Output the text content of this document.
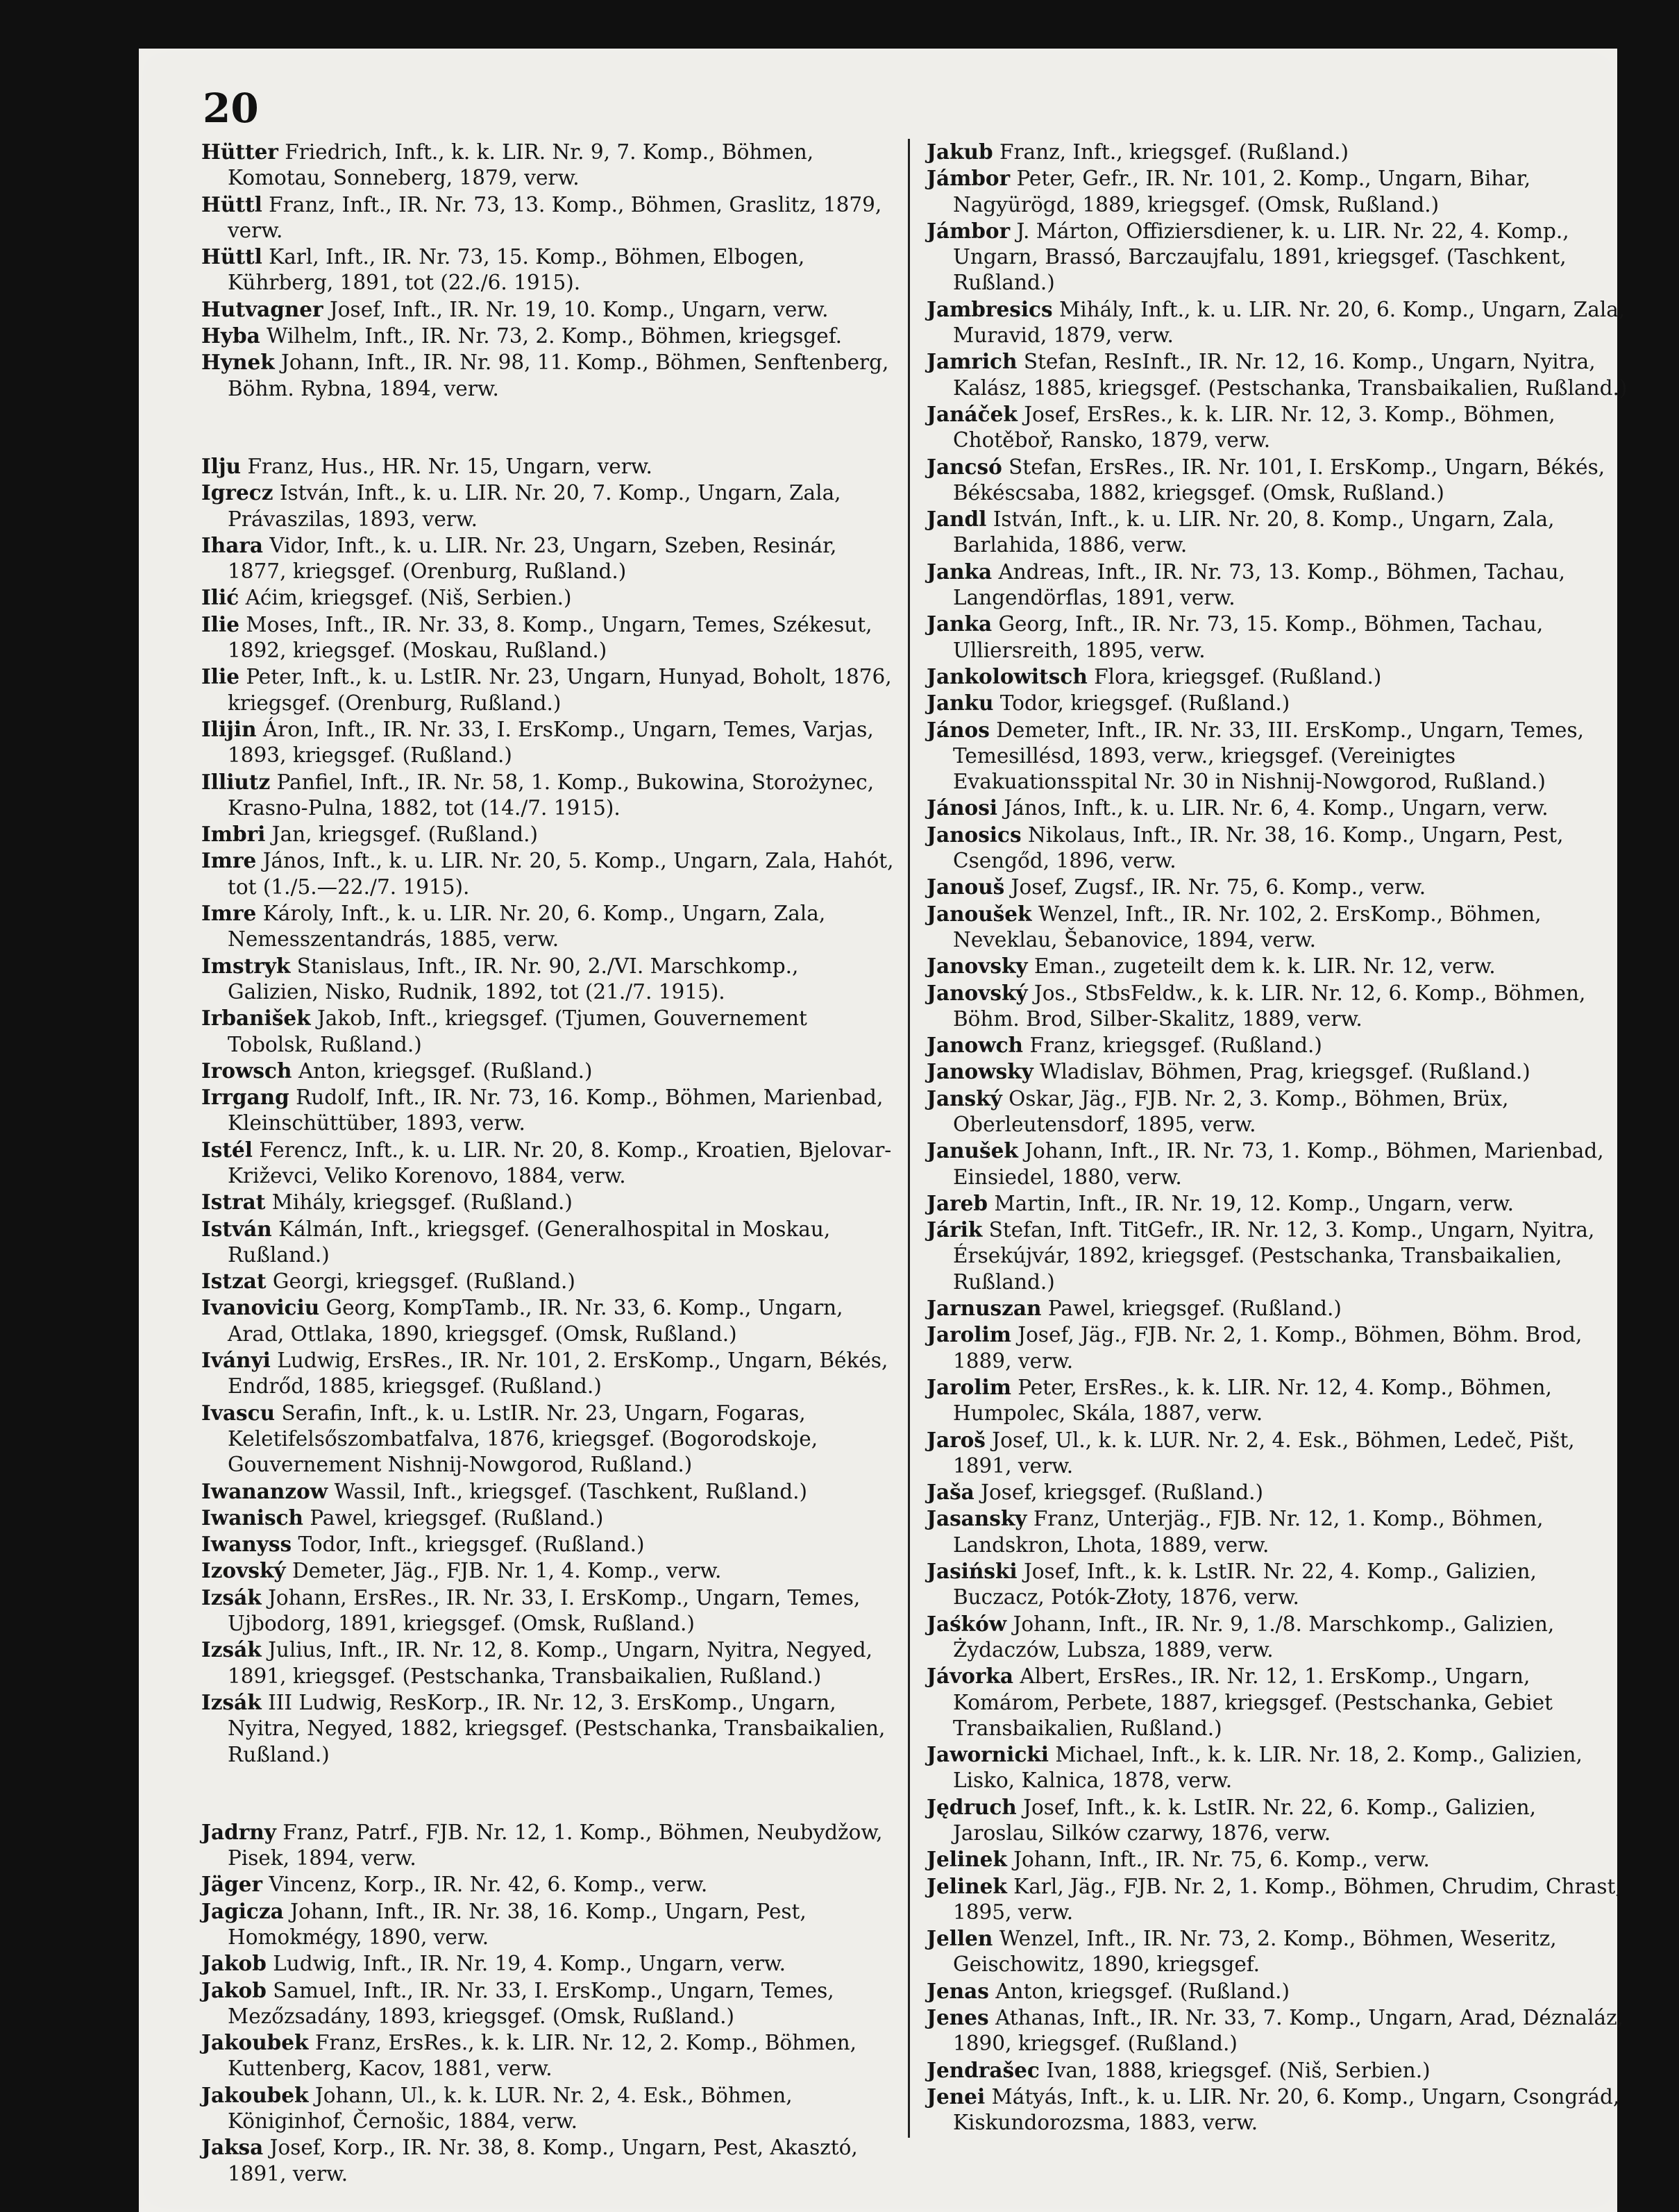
20

Hütter Friedrich, Inft., k. k. LIR. Nr. 9, 7. Komp., Böhmen, Komotau, Sonneberg, 1879, verw.

Hüttl Franz, Inft., IR. Nr. 73, 13. Komp., Böhmen, Graslitz, 1879, verw.

Hüttl Karl, Inft., IR. Nr. 73, 15. Komp., Böhmen, Elbogen, Kührberg, 1891, tot (22./6. 1915).

Hutvagner Josef, Inft., IR. Nr. 19, 10. Komp., Ungarn, verw.

Hyba Wilhelm, Inft., IR. Nr. 73, 2. Komp., Böhmen, kriegsgef.

Hynek Johann, Inft., IR. Nr. 98, 11. Komp., Böhmen, Senftenberg, Böhm. Rybna, 1894, verw.

Ilju Franz, Hus., HR. Nr. 15, Ungarn, verw.

Igrecz István, Inft., k. u. LIR. Nr. 20, 7. Komp., Ungarn, Zala, Právaszilas, 1893, verw.

Ihara Vidor, Inft., k. u. LIR. Nr. 23, Ungarn, Szeben, Resinár, 1877, kriegsgef. (Orenburg, Rußland.)

Ilić Aćim, kriegsgef. (Niš, Serbien.)

Ilie Moses, Inft., IR. Nr. 33, 8. Komp., Ungarn, Temes, Székesut, 1892, kriegsgef. (Moskau, Rußland.)

Ilie Peter, Inft., k. u. LstIR. Nr. 23, Ungarn, Hunyad, Boholt, 1876, kriegsgef. (Orenburg, Rußland.)

Ilijin Áron, Inft., IR. Nr. 33, I. ErsKomp., Ungarn, Temes, Varjas, 1893, kriegsgef. (Rußland.)

Illiutz Panfiel, Inft., IR. Nr. 58, 1. Komp., Bukowina, Storożynec, Krasno-Pulna, 1882, tot (14./7. 1915).

Imbri Jan, kriegsgef. (Rußland.)

Imre János, Inft., k. u. LIR. Nr. 20, 5. Komp., Ungarn, Zala, Hahót, tot (1./5.—22./7. 1915).

Imre Károly, Inft., k. u. LIR. Nr. 20, 6. Komp., Ungarn, Zala, Nemesszentandrás, 1885, verw.

Imstryk Stanislaus, Inft., IR. Nr. 90, 2./VI. Marschkomp., Galizien, Nisko, Rudnik, 1892, tot (21./7. 1915).

Irbanišek Jakob, Inft., kriegsgef. (Tjumen, Gouvernement Tobolsk, Rußland.)

Irowsch Anton, kriegsgef. (Rußland.)

Irrgang Rudolf, Inft., IR. Nr. 73, 16. Komp., Böhmen, Marienbad, Kleinschüttüber, 1893, verw.

Istél Ferencz, Inft., k. u. LIR. Nr. 20, 8. Komp., Kroatien, Bjelovar-Križevci, Veliko Korenovo, 1884, verw.

Istrat Mihály, kriegsgef. (Rußland.)

István Kálmán, Inft., kriegsgef. (Generalhospital in Moskau, Rußland.)

Istzat Georgi, kriegsgef. (Rußland.)

Ivanoviciu Georg, KompTamb., IR. Nr. 33, 6. Komp., Ungarn, Arad, Ottlaka, 1890, kriegsgef. (Omsk, Rußland.)

Iványi Ludwig, ErsRes., IR. Nr. 101, 2. ErsKomp., Ungarn, Békés, Endrőd, 1885, kriegsgef. (Rußland.)

Ivascu Serafin, Inft., k. u. LstIR. Nr. 23, Ungarn, Fogaras, Keletifelsőszombatfalva, 1876, kriegsgef. (Bogorodskoje, Gouvernement Nishnij-Nowgorod, Rußland.)

Iwananzow Wassil, Inft., kriegsgef. (Taschkent, Rußland.)

Iwanisch Pawel, kriegsgef. (Rußland.)

Iwanyss Todor, Inft., kriegsgef. (Rußland.)

Izovský Demeter, Jäg., FJB. Nr. 1, 4. Komp., verw.

Izsák Johann, ErsRes., IR. Nr. 33, I. ErsKomp., Ungarn, Temes, Ujbodorg, 1891, kriegsgef. (Omsk, Rußland.)

Izsák Julius, Inft., IR. Nr. 12, 8. Komp., Ungarn, Nyitra, Negyed, 1891, kriegsgef. (Pestschanka, Transbaikalien, Rußland.)

Izsák III Ludwig, ResKorp., IR. Nr. 12, 3. ErsKomp., Ungarn, Nyitra, Negyed, 1882, kriegsgef. (Pestschanka, Transbaikalien, Rußland.)

Jadrny Franz, Patrf., FJB. Nr. 12, 1. Komp., Böhmen, Neubydžow, Pisek, 1894, verw.

Jäger Vincenz, Korp., IR. Nr. 42, 6. Komp., verw.

Jagicza Johann, Inft., IR. Nr. 38, 16. Komp., Ungarn, Pest, Homokmégy, 1890, verw.

Jakob Ludwig, Inft., IR. Nr. 19, 4. Komp., Ungarn, verw.

Jakob Samuel, Inft., IR. Nr. 33, I. ErsKomp., Ungarn, Temes, Mezőzsadány, 1893, kriegsgef. (Omsk, Rußland.)

Jakoubek Franz, ErsRes., k. k. LIR. Nr. 12, 2. Komp., Böhmen, Kuttenberg, Kacov, 1881, verw.

Jakoubek Johann, Ul., k. k. LUR. Nr. 2, 4. Esk., Böhmen, Königinhof, Černošic, 1884, verw.

Jaksa Josef, Korp., IR. Nr. 38, 8. Komp., Ungarn, Pest, Akasztó, 1891, verw.

Jakub Franz, Inft., kriegsgef. (Rußland.)

Jámbor Peter, Gefr., IR. Nr. 101, 2. Komp., Ungarn, Bihar, Nagyürögd, 1889, kriegsgef. (Omsk, Rußland.)

Jámbor J. Márton, Offiziersdiener, k. u. LIR. Nr. 22, 4. Komp., Ungarn, Brassó, Barczaujfalu, 1891, kriegsgef. (Taschkent, Rußland.)

Jambresics Mihály, Inft., k. u. LIR. Nr. 20, 6. Komp., Ungarn, Zala, Muravid, 1879, verw.

Jamrich Stefan, ResInft., IR. Nr. 12, 16. Komp., Ungarn, Nyitra, Kalász, 1885, kriegsgef. (Pestschanka, Transbaikalien, Rußland.)

Janáček Josef, ErsRes., k. k. LIR. Nr. 12, 3. Komp., Böhmen, Chotěboř, Ransko, 1879, verw.

Jancsó Stefan, ErsRes., IR. Nr. 101, I. ErsKomp., Ungarn, Békés, Békéscsaba, 1882, kriegsgef. (Omsk, Rußland.)

Jandl István, Inft., k. u. LIR. Nr. 20, 8. Komp., Ungarn, Zala, Barlahida, 1886, verw.

Janka Andreas, Inft., IR. Nr. 73, 13. Komp., Böhmen, Tachau, Langendörflas, 1891, verw.

Janka Georg, Inft., IR. Nr. 73, 15. Komp., Böhmen, Tachau, Ulliersreith, 1895, verw.

Jankolowitsch Flora, kriegsgef. (Rußland.)

Janku Todor, kriegsgef. (Rußland.)

János Demeter, Inft., IR. Nr. 33, III. ErsKomp., Ungarn, Temes, Temesillésd, 1893, verw., kriegsgef. (Vereinigtes Evakuationsspital Nr. 30 in Nishnij-Nowgorod, Rußland.)

Jánosi János, Inft., k. u. LIR. Nr. 6, 4. Komp., Ungarn, verw.

Janosics Nikolaus, Inft., IR. Nr. 38, 16. Komp., Ungarn, Pest, Csengőd, 1896, verw.

Janouš Josef, Zugsf., IR. Nr. 75, 6. Komp., verw.

Janoušek Wenzel, Inft., IR. Nr. 102, 2. ErsKomp., Böhmen, Neveklau, Šebanovice, 1894, verw.

Janovsky Eman., zugeteilt dem k. k. LIR. Nr. 12, verw.

Janovský Jos., StbsFeldw., k. k. LIR. Nr. 12, 6. Komp., Böhmen, Böhm. Brod, Silber-Skalitz, 1889, verw.

Janowch Franz, kriegsgef. (Rußland.)

Janowsky Wladislav, Böhmen, Prag, kriegsgef. (Rußland.)

Janský Oskar, Jäg., FJB. Nr. 2, 3. Komp., Böhmen, Brüx, Oberleutensdorf, 1895, verw.

Janušek Johann, Inft., IR. Nr. 73, 1. Komp., Böhmen, Marienbad, Einsiedel, 1880, verw.

Jareb Martin, Inft., IR. Nr. 19, 12. Komp., Ungarn, verw.

Járik Stefan, Inft. TitGefr., IR. Nr. 12, 3. Komp., Ungarn, Nyitra, Érsekújvár, 1892, kriegsgef. (Pestschanka, Transbaikalien, Rußland.)

Jarnuszan Pawel, kriegsgef. (Rußland.)

Jarolim Josef, Jäg., FJB. Nr. 2, 1. Komp., Böhmen, Böhm. Brod, 1889, verw.

Jarolim Peter, ErsRes., k. k. LIR. Nr. 12, 4. Komp., Böhmen, Humpolec, Skála, 1887, verw.

Jaroš Josef, Ul., k. k. LUR. Nr. 2, 4. Esk., Böhmen, Ledeč, Pišt, 1891, verw.

Jaša Josef, kriegsgef. (Rußland.)

Jasansky Franz, Unterjäg., FJB. Nr. 12, 1. Komp., Böhmen, Landskron, Lhota, 1889, verw.

Jasiński Josef, Inft., k. k. LstIR. Nr. 22, 4. Komp., Galizien, Buczacz, Potók-Złoty, 1876, verw.

Jaśków Johann, Inft., IR. Nr. 9, 1./8. Marschkomp., Galizien, Żydaczów, Lubsza, 1889, verw.

Jávorka Albert, ErsRes., IR. Nr. 12, 1. ErsKomp., Ungarn, Komárom, Perbete, 1887, kriegsgef. (Pestschanka, Gebiet Transbaikalien, Rußland.)

Jawornicki Michael, Inft., k. k. LIR. Nr. 18, 2. Komp., Galizien, Lisko, Kalnica, 1878, verw.

Jędruch Josef, Inft., k. k. LstIR. Nr. 22, 6. Komp., Galizien, Jaroslau, Silków czarwy, 1876, verw.

Jelinek Johann, Inft., IR. Nr. 75, 6. Komp., verw.

Jelinek Karl, Jäg., FJB. Nr. 2, 1. Komp., Böhmen, Chrudim, Chrast, 1895, verw.

Jellen Wenzel, Inft., IR. Nr. 73, 2. Komp., Böhmen, Weseritz, Geischowitz, 1890, kriegsgef.

Jenas Anton, kriegsgef. (Rußland.)

Jenes Athanas, Inft., IR. Nr. 33, 7. Komp., Ungarn, Arad, Déznaláz, 1890, kriegsgef. (Rußland.)

Jendrašec Ivan, 1888, kriegsgef. (Niš, Serbien.)

Jenei Mátyás, Inft., k. u. LIR. Nr. 20, 6. Komp., Ungarn, Csongrád, Kiskundorozsma, 1883, verw.
